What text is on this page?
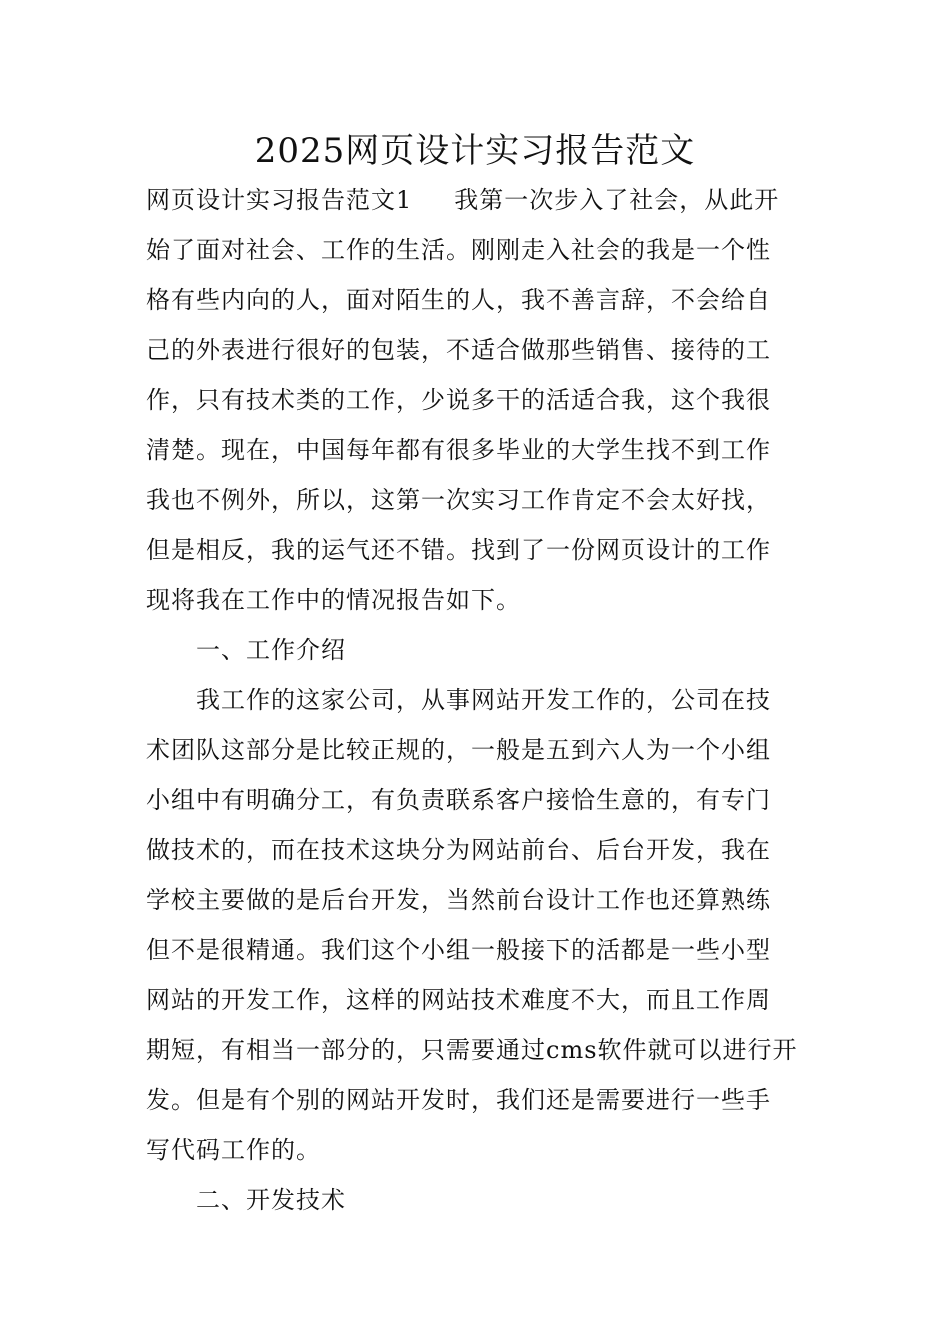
2025网页设计实习报告范文
网页设计实习报告范文1 我第一次步入了社会，从此开
始了面对社会、工作的生活。刚刚走入社会的我是一个性
格有些内向的人，面对陌生的人，我不善言辞，不会给自
己的外表进行很好的包装，不适合做那些销售、接待的工
作，只有技术类的工作，少说多干的活适合我，这个我很
清楚。现在，中国每年都有很多毕业的大学生找不到工作
我也不例外，所以，这第一次实习工作肯定不会太好找，
但是相反，我的运气还不错。找到了一份网页设计的工作
现将我在工作中的情况报告如下。
一、工作介绍
我工作的这家公司，从事网站开发工作的，公司在技
术团队这部分是比较正规的，一般是五到六人为一个小组
小组中有明确分工，有负责联系客户接恰生意的，有专门
做技术的，而在技术这块分为网站前台、后台开发，我在
学校主要做的是后台开发，当然前台设计工作也还算熟练
但不是很精通。我们这个小组一般接下的活都是一些小型
网站的开发工作，这样的网站技术难度不大，而且工作周
期短，有相当一部分的，只需要通过cms软件就可以进行开
发。但是有个别的网站开发时，我们还是需要进行一些手
写代码工作的。
二、开发技术
